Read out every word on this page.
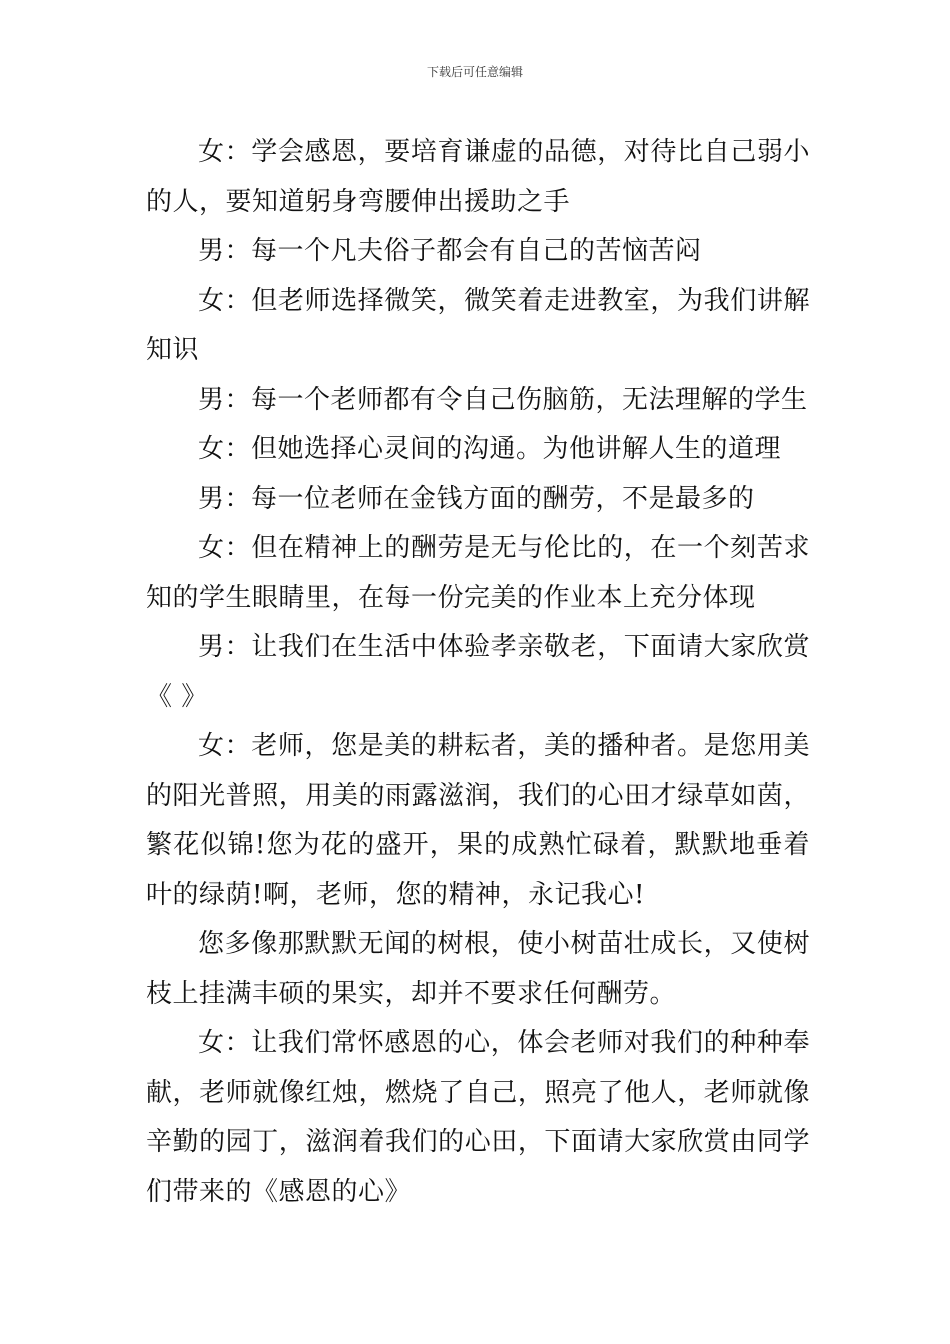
下载后可任意编辑

女：学会感恩，要培育谦虚的品德，对待比自己弱小的人，要知道躬身弯腰伸出援助之手

男：每一个凡夫俗子都会有自己的苦恼苦闷

女：但老师选择微笑，微笑着走进教室，为我们讲解知识

男：每一个老师都有令自己伤脑筋，无法理解的学生

女：但她选择心灵间的沟通。为他讲解人生的道理

男：每一位老师在金钱方面的酬劳，不是最多的

女：但在精神上的酬劳是无与伦比的，在一个刻苦求知的学生眼睛里，在每一份完美的作业本上充分体现

男：让我们在生活中体验孝亲敬老，下面请大家欣赏《 》

女：老师，您是美的耕耘者，美的播种者。是您用美的阳光普照，用美的雨露滋润，我们的心田才绿草如茵，繁花似锦!您为花的盛开，果的成熟忙碌着，默默地垂着叶的绿荫!啊，老师，您的精神，永记我心!

您多像那默默无闻的树根，使小树苗壮成长，又使树枝上挂满丰硕的果实，却并不要求任何酬劳。

女：让我们常怀感恩的心，体会老师对我们的种种奉献，老师就像红烛，燃烧了自己，照亮了他人，老师就像辛勤的园丁，滋润着我们的心田，下面请大家欣赏由同学们带来的《感恩的心》
